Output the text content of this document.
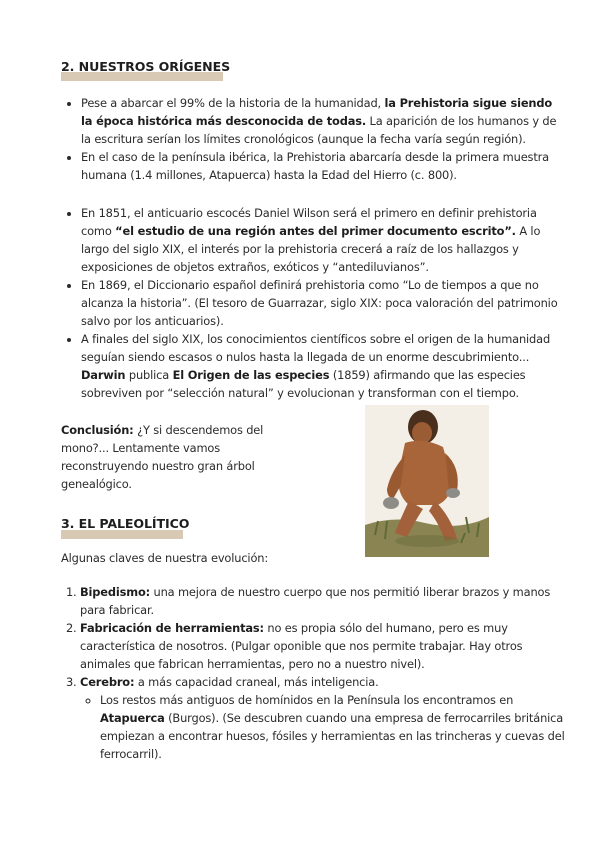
2. NUESTROS ORÍGENES
• Pese a abarcar el 99% de la historia de la humanidad, la Prehistoria sigue siendo la época histórica más desconocida de todas. La aparición de los humanos y de la escritura serían los límites cronológicos (aunque la fecha varía según región).
• En el caso de la península ibérica, la Prehistoria abarcaría desde la primera muestra humana (1.4 millones, Atapuerca) hasta la Edad del Hierro (c. 800).
• En 1851, el anticuario escocés Daniel Wilson será el primero en definir prehistoria como “el estudio de una región antes del primer documento escrito”. A lo largo del siglo XIX, el interés por la prehistoria crecerá a raíz de los hallazgos y exposiciones de objetos extraños, exóticos y “antediluvianos”.
• En 1869, el Diccionario español definirá prehistoria como “Lo de tiempos a que no alcanza la historia”. (El tesoro de Guarrazar, siglo XIX: poca valoración del patrimonio salvo por los anticuarios).
• A finales del siglo XIX, los conocimientos científicos sobre el origen de la humanidad seguían siendo escasos o nulos hasta la llegada de un enorme descubrimiento... Darwin publica El Origen de las especies (1859) afirmando que las especies sobreviven por “selección natural” y evolucionan y transforman con el tiempo.
Conclusión: ¿Y si descendemos del mono?... Lentamente vamos reconstruyendo nuestro gran árbol genealógico.
3. EL PALEOLÍTICO
Algunas claves de nuestra evolución:
1. Bipedismo: una mejora de nuestro cuerpo que nos permitió liberar brazos y manos para fabricar.
2. Fabricación de herramientas: no es propia sólo del humano, pero es muy característica de nosotros. (Pulgar oponible que nos permite trabajar. Hay otros animales que fabrican herramientas, pero no a nuestro nivel).
3. Cerebro: a más capacidad craneal, más inteligencia.
◦ Los restos más antiguos de homínidos en la Península los encontramos en Atapuerca (Burgos). (Se descubren cuando una empresa de ferrocarriles británica empiezan a encontrar huesos, fósiles y herramientas en las trincheras y cuevas del ferrocarril).
